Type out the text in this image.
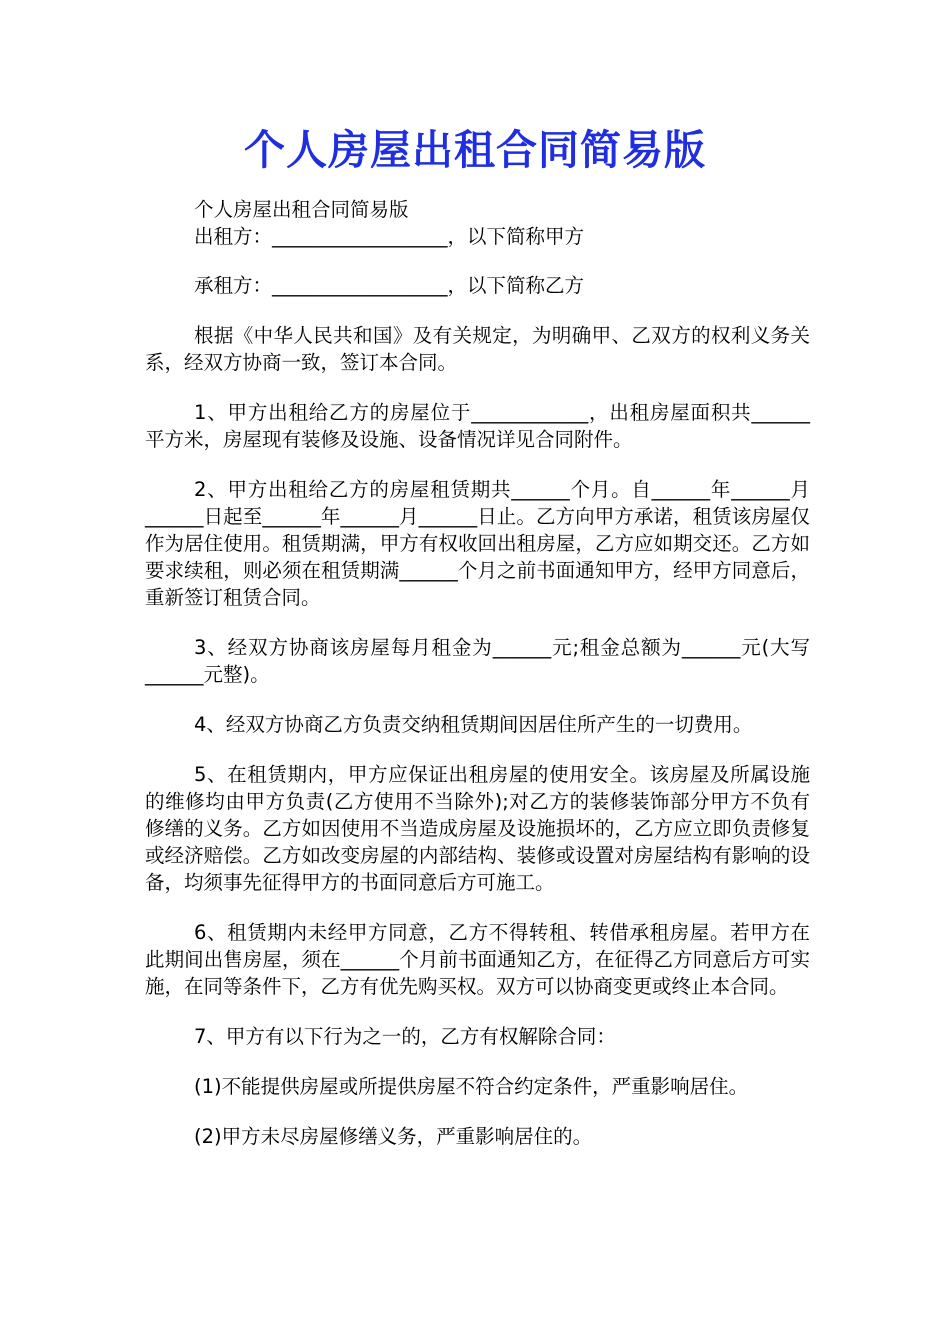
个人房屋出租合同简易版

个人房屋出租合同简易版

出租方：__________________，以下简称甲方

承租方：__________________，以下简称乙方

根据《中华人民共和国》及有关规定，为明确甲、乙双方的权利义务关系，经双方协商一致，签订本合同。

1、甲方出租给乙方的房屋位于____________，出租房屋面积共______平方米，房屋现有装修及设施、设备情况详见合同附件。

2、甲方出租给乙方的房屋租赁期共______个月。自______年______月______日起至______年______月______日止。乙方向甲方承诺，租赁该房屋仅作为居住使用。租赁期满，甲方有权收回出租房屋，乙方应如期交还。乙方如要求续租，则必须在租赁期满______个月之前书面通知甲方，经甲方同意后，重新签订租赁合同。

3、经双方协商该房屋每月租金为______元;租金总额为______元(大写______元整)。

4、经双方协商乙方负责交纳租赁期间因居住所产生的一切费用。

5、在租赁期内，甲方应保证出租房屋的使用安全。该房屋及所属设施的维修均由甲方负责(乙方使用不当除外);对乙方的装修装饰部分甲方不负有修缮的义务。乙方如因使用不当造成房屋及设施损坏的，乙方应立即负责修复或经济赔偿。乙方如改变房屋的内部结构、装修或设置对房屋结构有影响的设备，均须事先征得甲方的书面同意后方可施工。

6、租赁期内未经甲方同意，乙方不得转租、转借承租房屋。若甲方在此期间出售房屋，须在______个月前书面通知乙方，在征得乙方同意后方可实施，在同等条件下，乙方有优先购买权。双方可以协商变更或终止本合同。

7、甲方有以下行为之一的，乙方有权解除合同：

(1)不能提供房屋或所提供房屋不符合约定条件，严重影响居住。

(2)甲方未尽房屋修缮义务，严重影响居住的。
